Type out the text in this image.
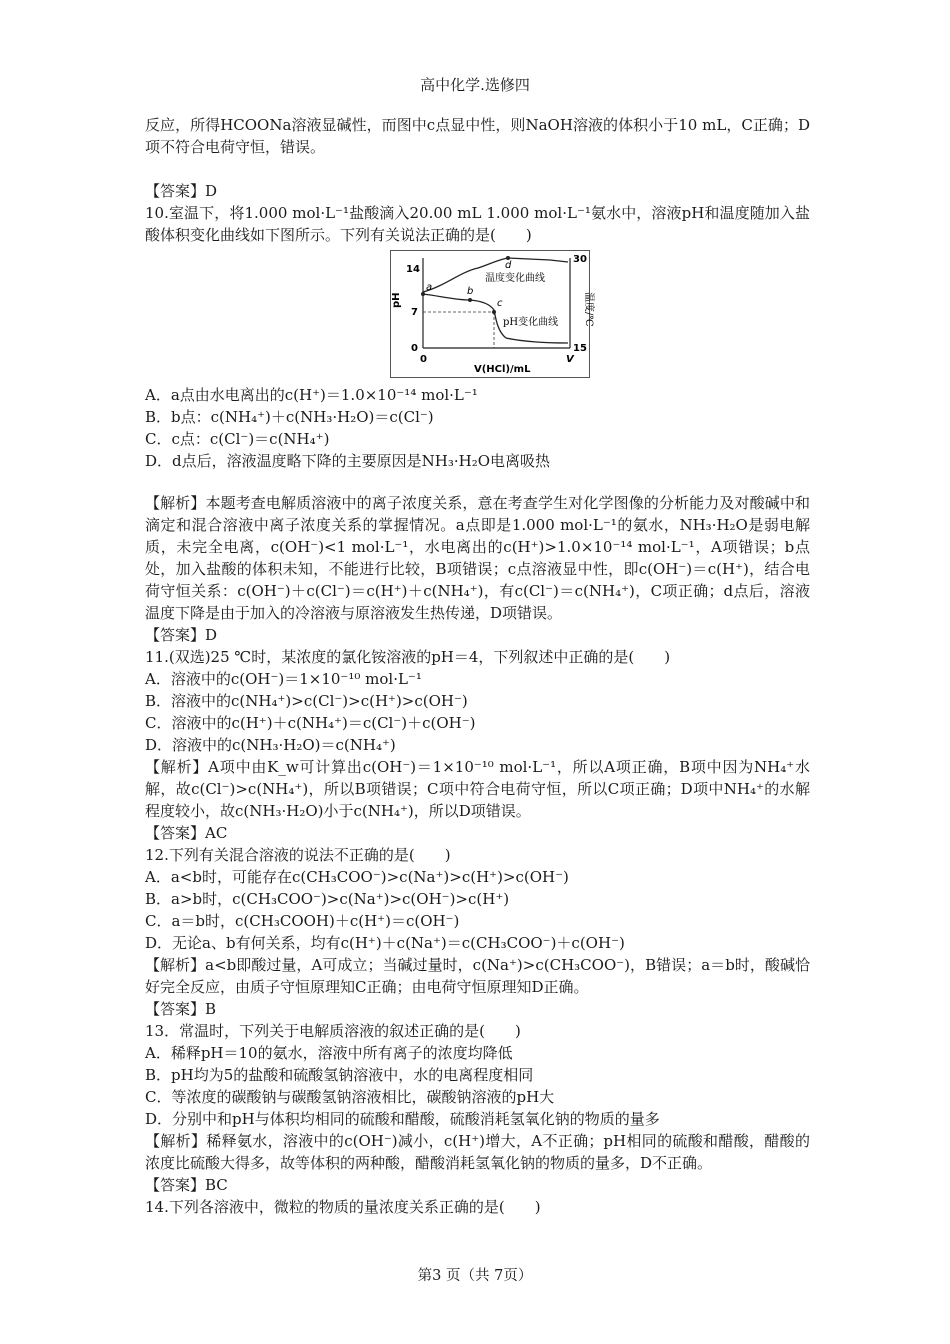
高中化学.选修四

反应，所得HCOONa溶液显碱性，而图中c点显中性，则NaOH溶液的体积小于10 mL，C正确；D项不符合电荷守恒，错误。

【答案】D

10.室温下，将1.000 mol·L⁻¹盐酸滴入20.00 mL 1.000 mol·L⁻¹氨水中，溶液pH和温度随加入盐酸体积变化曲线如下图所示。下列有关说法正确的是(　　)

a	b
c
d
温度变化曲线
pH变化曲线
14
7
0
30
15
pH	温度/℃
0	V
V(HCl)/mL

A．a点由水电离出的c(H⁺)＝1.0×10⁻¹⁴ mol·L⁻¹

B．b点：c(NH₄⁺)＋c(NH₃·H₂O)＝c(Cl⁻)

C．c点：c(Cl⁻)＝c(NH₄⁺)

D．d点后，溶液温度略下降的主要原因是NH₃·H₂O电离吸热

【解析】本题考查电解质溶液中的离子浓度关系，意在考查学生对化学图像的分析能力及对酸碱中和滴定和混合溶液中离子浓度关系的掌握情况。a点即是1.000 mol·L⁻¹的氨水，NH₃·H₂O是弱电解质，未完全电离，c(OH⁻)<1 mol·L⁻¹，水电离出的c(H⁺)>1.0×10⁻¹⁴ mol·L⁻¹，A项错误；b点处，加入盐酸的体积未知，不能进行比较，B项错误；c点溶液显中性，即c(OH⁻)＝c(H⁺)，结合电荷守恒关系：c(OH⁻)＋c(Cl⁻)＝c(H⁺)＋c(NH₄⁺)，有c(Cl⁻)＝c(NH₄⁺)，C项正确；d点后，溶液温度下降是由于加入的冷溶液与原溶液发生热传递，D项错误。

【答案】D

11.(双选)25 ℃时，某浓度的氯化铵溶液的pH＝4，下列叙述中正确的是(　　)

A．溶液中的c(OH⁻)＝1×10⁻¹⁰ mol·L⁻¹

B．溶液中的c(NH₄⁺)>c(Cl⁻)>c(H⁺)>c(OH⁻)

C．溶液中的c(H⁺)＋c(NH₄⁺)＝c(Cl⁻)＋c(OH⁻)

D．溶液中的c(NH₃·H₂O)＝c(NH₄⁺)

【解析】A项中由K_w可计算出c(OH⁻)＝1×10⁻¹⁰ mol·L⁻¹，所以A项正确，B项中因为NH₄⁺水解，故c(Cl⁻)>c(NH₄⁺)，所以B项错误；C项中符合电荷守恒，所以C项正确；D项中NH₄⁺的水解程度较小，故c(NH₃·H₂O)小于c(NH₄⁺)，所以D项错误。

【答案】AC

12.下列有关混合溶液的说法不正确的是(　　)

A．a<b时，可能存在c(CH₃COO⁻)>c(Na⁺)>c(H⁺)>c(OH⁻)

B．a>b时，c(CH₃COO⁻)>c(Na⁺)>c(OH⁻)>c(H⁺)

C．a＝b时，c(CH₃COOH)＋c(H⁺)＝c(OH⁻)

D．无论a、b有何关系，均有c(H⁺)＋c(Na⁺)＝c(CH₃COO⁻)＋c(OH⁻)

【解析】a<b即酸过量，A可成立；当碱过量时，c(Na⁺)>c(CH₃COO⁻)，B错误；a＝b时，酸碱恰好完全反应，由质子守恒原理知C正确；由电荷守恒原理知D正确。

【答案】B

13．常温时，下列关于电解质溶液的叙述正确的是(　　)

A．稀释pH＝10的氨水，溶液中所有离子的浓度均降低

B．pH均为5的盐酸和硫酸氢钠溶液中，水的电离程度相同

C．等浓度的碳酸钠与碳酸氢钠溶液相比，碳酸钠溶液的pH大

D．分别中和pH与体积均相同的硫酸和醋酸，硫酸消耗氢氧化钠的物质的量多

【解析】稀释氨水，溶液中的c(OH⁻)减小，c(H⁺)增大，A不正确；pH相同的硫酸和醋酸，醋酸的浓度比硫酸大得多，故等体积的两种酸，醋酸消耗氢氧化钠的物质的量多，D不正确。

【答案】BC

14.下列各溶液中，微粒的物质的量浓度关系正确的是(　　)

第3 页（共 7页）
